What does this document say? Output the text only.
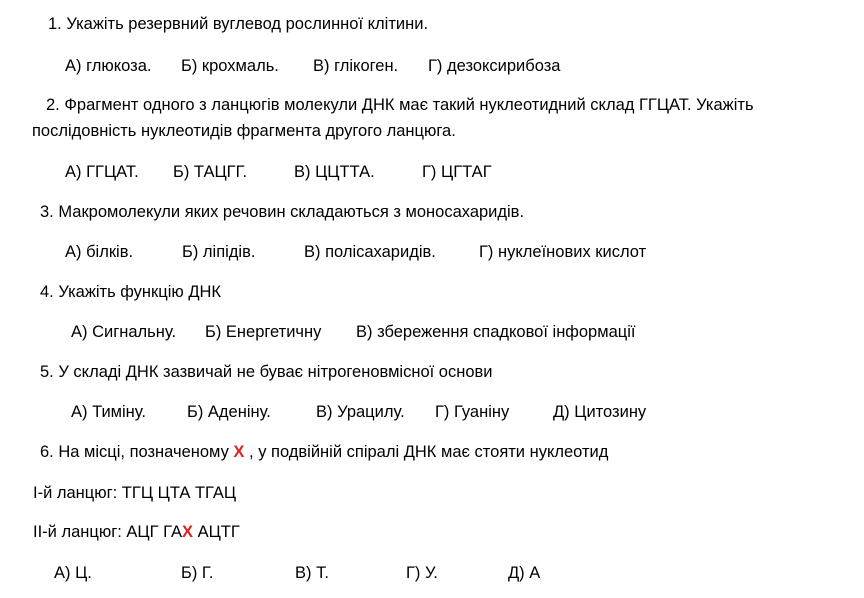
1. Укажіть резервний вуглевод рослинної клітини.
А) глюкоза. Б) крохмаль. В) глікоген. Г) дезоксирибоза
2. Фрагмент одного з ланцюгів молекули ДНК має такий нуклеотидний склад ГГЦАТ. Укажіть
послідовність нуклеотидів фрагмента другого ланцюга.
А) ГГЦАТ. Б) ТАЦГГ.	В) ЦЦТТА.	Г) ЦГТАГ
3. Макромолекули яких речовин складаються з моносахаридів.
А) білків.	Б) ліпідів.	В) полісахаридів.	Г) нуклеїнових кислот
4. Укажіть функцію ДНК
А) Сигнальну. Б) Енергетичну В) збереження спадкової інформації
5. У складі ДНК зазвичай не буває нітрогеновмісної основи
А) Тиміну. Б) Аденіну.	В) Урацилу. Г) Гуаніну	Д) Цитозину
6. На місці, позначеному Х , у подвійній спіралі ДНК має стояти нуклеотид
І-й ланцюг: ТГЦ ЦТА ТГАЦ
ІІ-й ланцюг: АЦГ ГАХ АЦТГ
А) Ц.	Б) Г.	В) Т.	Г) У.	Д) А
